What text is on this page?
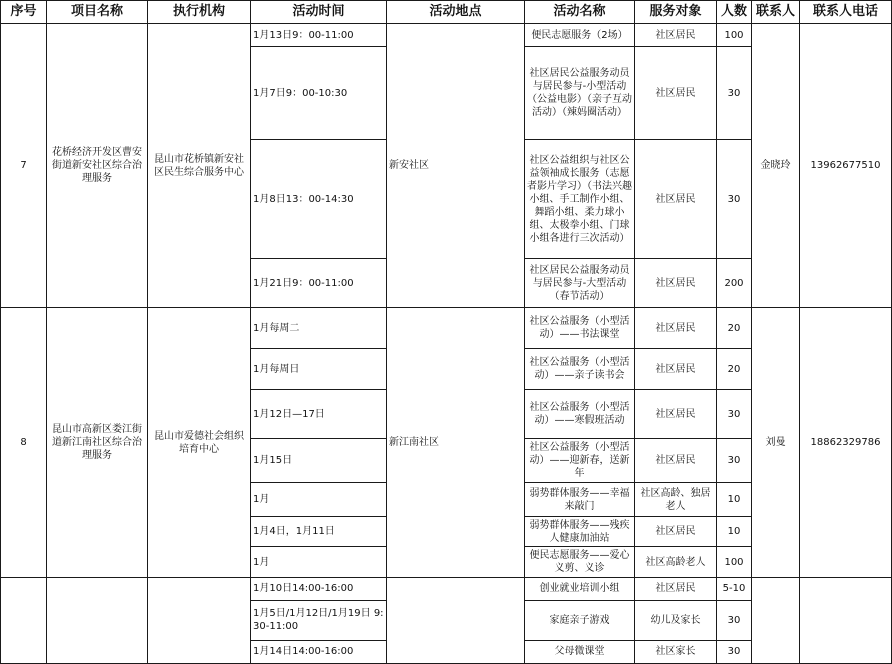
序号	项目名称	执行机构	活动时间	活动地点	活动名称	服务对象	人数	联系人	联系人电话
7	花桥经济开发区曹安街道新安社区综合治理服务	昆山市花桥镇新安社区民生综合服务中心	1月13日9：00-11:00	新安社区	便民志愿服务（2场）	社区居民	100	金晓玲	13962677510
			1月7日9：00-10:30		社区居民公益服务动员与居民参与-小型活动（公益电影）（亲子互动活动）（辣妈圈活动）	社区居民	30		
			1月8日13：00-14:30		社区公益组织与社区公益领袖成长服务（志愿者影片学习）（书法兴趣小组、手工制作小组、舞蹈小组、柔力球小组、太极拳小组、门球小组各进行三次活动）	社区居民	30		
			1月21日9：00-11:00		社区居民公益服务动员与居民参与-大型活动（春节活动）	社区居民	200		
8	昆山市高新区娄江街道新江南社区综合治理服务	昆山市爱德社会组织培育中心	1月每周二	新江南社区	社区公益服务（小型活动）——书法课堂	社区居民	20	刘曼	18862329786
			1月每周日		社区公益服务（小型活动）——亲子读书会	社区居民	20		
			1月12日—17日		社区公益服务（小型活动）——寒假班活动	社区居民	30		
			1月15日		社区公益服务（小型活动）——迎新春，送新年	社区居民	30		
			1月		弱势群体服务——幸福来敲门	社区高龄、独居老人	10		
			1月4日，1月11日		弱势群体服务——残疾人健康加油站	社区居民	10		
			1月		便民志愿服务——爱心义剪、义诊	社区高龄老人	100		
			1月10日14:00-16:00		创业就业培训小组	社区居民	5-10		
			1月5日/1月12日/1月19日 9:30-11:00		家庭亲子游戏	幼儿及家长	30		
			1月14日14:00-16:00		父母微课堂	社区家长	30		
